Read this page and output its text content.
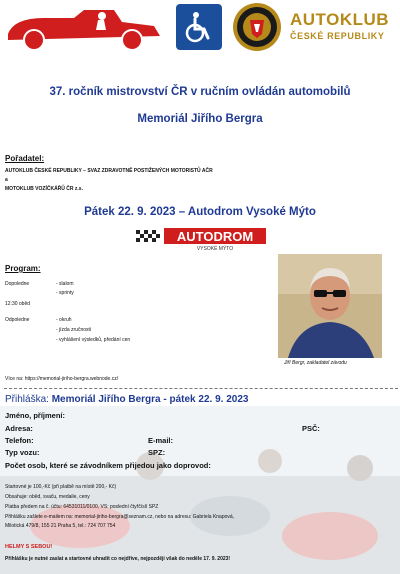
AUTOKLUB
ČESKÉ REPUBLIKY
37. ročník mistrovství ČR v ručním ovládán automobilů
Memoriál Jiřího Bergra
Pořadatel:
AUTOKLUB ČESKÉ REPUBLIKY – SVAZ ZDRAVOTNĚ POSTIŽENÝCH MOTORISTŮ AČR
a
MOTOKLUB VOZÍČKÁŘŮ ČR z.s.
Pátek 22. 9. 2023 – Autodrom Vysoké Mýto
AUTODROM
VYSOKÉ MÝTO
Program:
Dopoledne	- slalom
- sprinty
12:30 oběd
Odpoledne	- okruh
- jízda zručnosti
- vyhlášení výsledků, předání cen
Jiří Bergr, zakladatel závodu
Více na: https://memorial-jiriho-bergra.webnode.cz/
Přihláška: Memoriál Jiřího Bergra - pátek 22. 9. 2023
Jméno, příjmení:
Adresa:	PSČ:
Telefon:	E-mail:
Typ vozu:	SPZ:
Počet osob, které se závodníkem přijedou jako doprovod:
Startovné je 100,-Kč (při platbě na místě 200,- Kč)
Obsahuje: oběd, svaču, medaile, ceny
Platba předem na č. účtu: 64531011/0100, VS: poslední čtyřčíslí SPZ
Přihlášku zašlete e-mailem na: memorial-jiriho-bergra@seznam.cz, nebo na adresu: Gabriela Knapová,
Milotická 479/8, 155 21 Praha 5, tel.: 724 707 754
HELMY S SEBOU!
Přihlášku je nutné zaslat a startovné uhradit co nejdříve, nejpozději však do neděle 17. 9. 2023!
